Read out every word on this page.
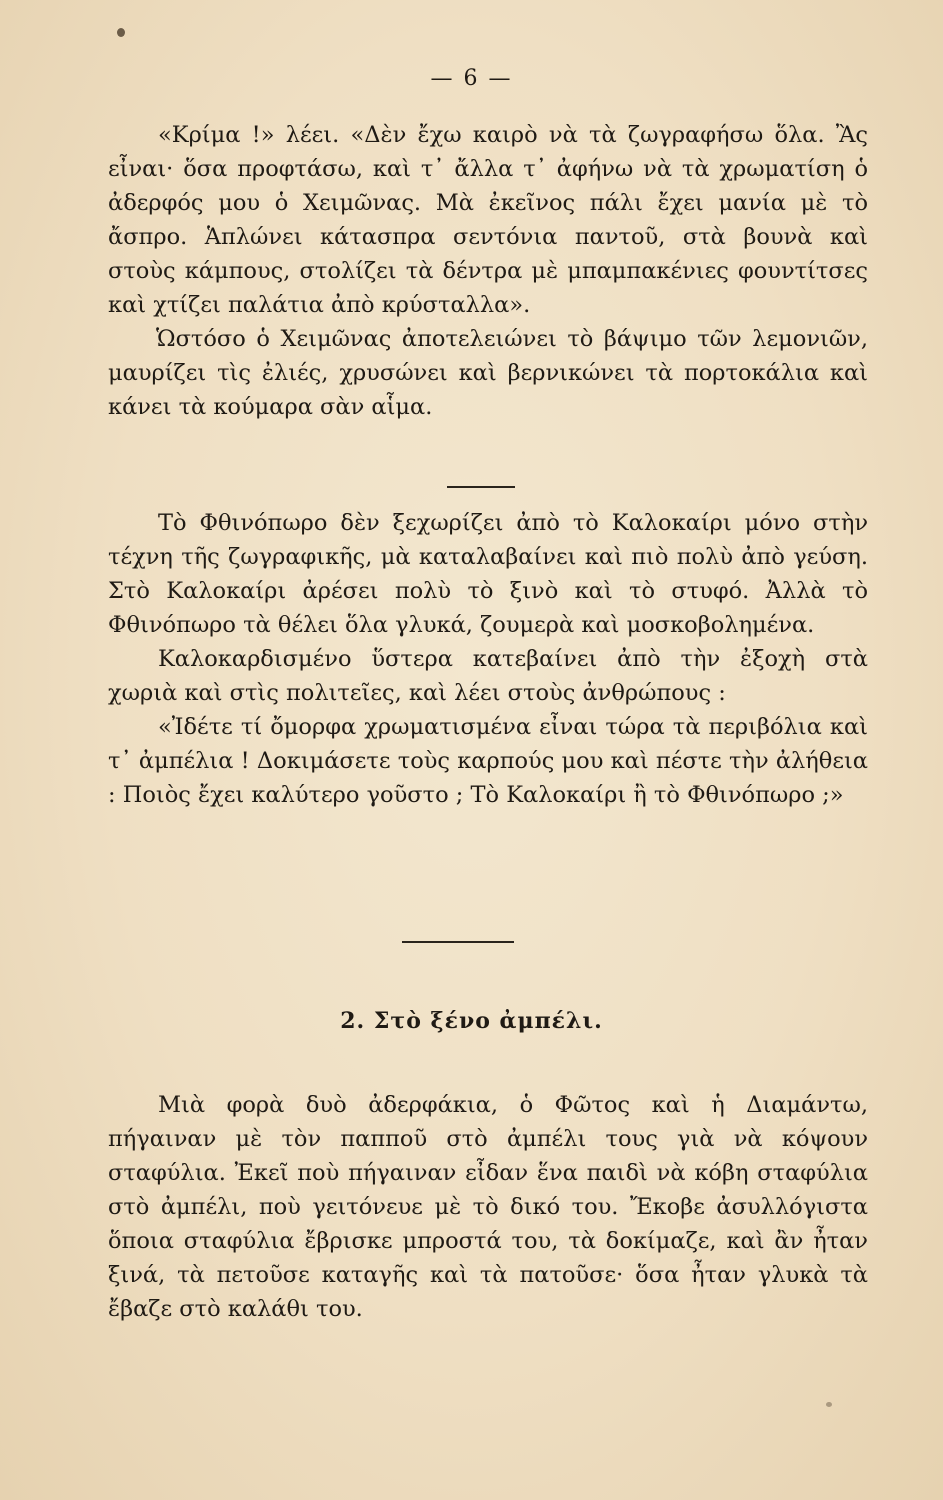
— 6 —

«Κρίμα !» λέει. «Δὲν ἔχω καιρὸ νὰ τὰ ζωγραφήσω ὅλα. Ἂς εἶναι· ὅσα προφτάσω, καὶ τ᾽ ἄλλα τ᾽ ἀφήνω νὰ τὰ χρωματίση ὁ ἀδερφός μου ὁ Χειμῶνας. Μὰ ἐκεῖνος πάλι ἔχει μανία μὲ τὸ ἄσπρο. Ἁπλώνει κάτασπρα σεντόνια παντοῦ, στὰ βουνὰ καὶ στοὺς κάμπους, στολίζει τὰ δέντρα μὲ μπαμπακένιες φουντίτσες καὶ χτίζει παλάτια ἀπὸ κρύσταλλα».

Ὡστόσο ὁ Χειμῶνας ἀποτελειώνει τὸ βάψιμο τῶν λεμονιῶν, μαυρίζει τὶς ἐλιές, χρυσώνει καὶ βερνικώνει τὰ πορτοκάλια καὶ κάνει τὰ κούμαρα σὰν αἷμα.

Τὸ Φθινόπωρο δὲν ξεχωρίζει ἀπὸ τὸ Καλοκαίρι μόνο στὴν τέχνη τῆς ζωγραφικῆς, μὰ καταλαβαίνει καὶ πιὸ πολὺ ἀπὸ γεύση. Στὸ Καλοκαίρι ἀρέσει πολὺ τὸ ξινὸ καὶ τὸ στυφό. Ἀλλὰ τὸ Φθινόπωρο τὰ θέλει ὅλα γλυκά, ζουμερὰ καὶ μοσκοβολημένα.

Καλοκαρδισμένο ὕστερα κατεβαίνει ἀπὸ τὴν ἐξοχὴ στὰ χωριὰ καὶ στὶς πολιτεῖες, καὶ λέει στοὺς ἀνθρώπους :

«Ἰδέτε τί ὄμορφα χρωματισμένα εἶναι τώρα τὰ περιβόλια καὶ τ᾽ ἀμπέλια ! Δοκιμάσετε τοὺς καρπούς μου καὶ πέστε τὴν ἀλήθεια : Ποιὸς ἔχει καλύτερο γοῦστο ; Τὸ Καλοκαίρι ἢ τὸ Φθινόπωρο ;»

2. Στὸ ξένο ἀμπέλι.

Μιὰ φορὰ δυὸ ἀδερφάκια, ὁ Φῶτος καὶ ἡ Διαμάντω, πήγαιναν μὲ τὸν παπποῦ στὸ ἀμπέλι τους γιὰ νὰ κόψουν σταφύλια. Ἐκεῖ ποὺ πήγαιναν εἶδαν ἕνα παιδὶ νὰ κόβη σταφύλια στὸ ἀμπέλι, ποὺ γειτόνευε μὲ τὸ δικό του. Ἔκοβε ἀσυλλόγιστα ὅποια σταφύλια ἔβρισκε μπροστά του, τὰ δοκίμαζε, καὶ ἂν ἦταν ξινά, τὰ πετοῦσε καταγῆς καὶ τὰ πατοῦσε· ὅσα ἦταν γλυκὰ τὰ ἔβαζε στὸ καλάθι του.
